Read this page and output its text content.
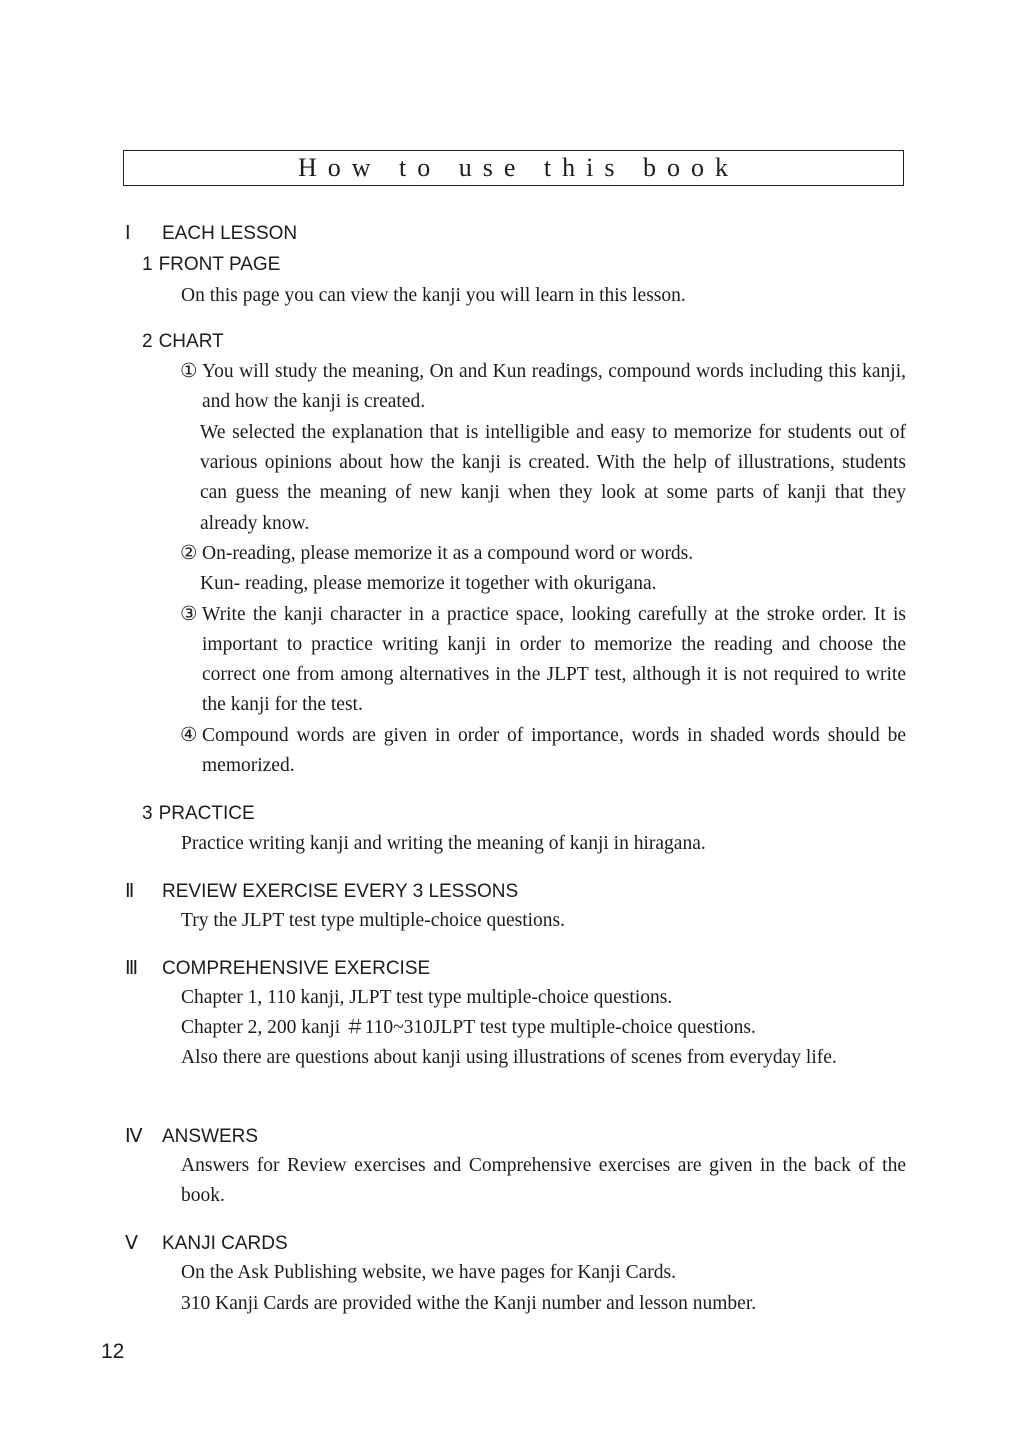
How to use this book
Ⅰ	EACH LESSON
1 FRONT PAGE
On this page you can view the kanji you will learn in this lesson.
2 CHART
① You will study the meaning, On and Kun readings, compound words including this kanji, and how the kanji is created.
We selected the explanation that is intelligible and easy to memorize for students out of various opinions about how the kanji is created. With the help of illustrations, students can guess the meaning of new kanji when they look at some parts of kanji that they already know.
② On-reading, please memorize it as a compound word or words.
Kun- reading, please memorize it together with okurigana.
③ Write the kanji character in a practice space, looking carefully at the stroke order. It is important to practice writing kanji in order to memorize the reading and choose the correct one from among alternatives in the JLPT test, although it is not required to write the kanji for the test.
④ Compound words are given in order of importance, words in shaded words should be memorized.
3 PRACTICE
Practice writing kanji and writing the meaning of kanji in hiragana.
Ⅱ	REVIEW EXERCISE EVERY 3 LESSONS
Try the JLPT test type multiple-choice questions.
Ⅲ	COMPREHENSIVE EXERCISE
Chapter 1, 110 kanji, JLPT test type multiple-choice questions.
Chapter 2, 200 kanji ＃110~310JLPT test type multiple-choice questions.
Also there are questions about kanji using illustrations of scenes from everyday life.
Ⅳ	ANSWERS
Answers for Review exercises and Comprehensive exercises are given in the back of the book.
Ⅴ	KANJI CARDS
On the Ask Publishing website, we have pages for Kanji Cards.
310 Kanji Cards are provided withe the Kanji number and lesson number.
12
